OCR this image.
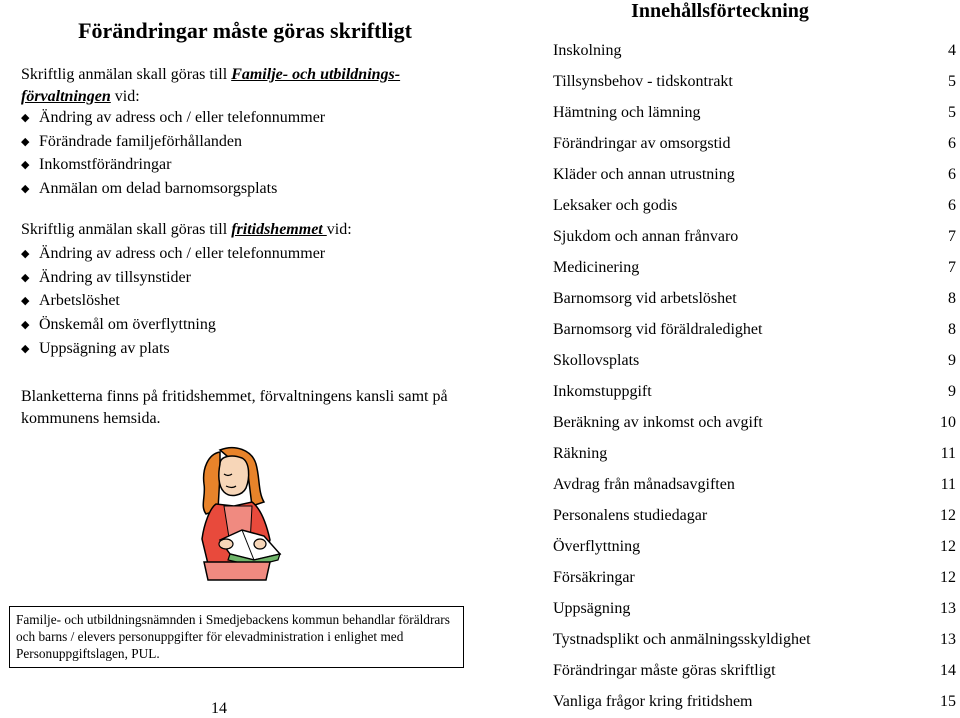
Förändringar måste göras skriftligt

Skriftlig anmälan skall göras till Familje- och utbildnings- förvaltningen vid:

◆ Ändring av adress och / eller telefonnummer
◆ Förändrade familjeförhållanden
◆ Inkomstförändringar
◆ Anmälan om delad barnomsorgsplats

Skriftlig anmälan skall göras till fritidshemmet vid:

◆ Ändring av adress och / eller telefonnummer
◆ Ändring av tillsynstider
◆ Arbetslöshet
◆ Önskemål om överflyttning
◆ Uppsägning av plats

Blanketterna finns på fritidshemmet, förvaltningens kansli samt på kommunens hemsida.

Familje- och utbildningsnämnden i Smedjebackens kommun behandlar föräldrars och barns / elevers personuppgifter för elevadministration i enlighet med Personuppgiftslagen, PUL.
14
Innehållsförteckning
Inskolning	4
Tillsynsbehov - tidskontrakt	5
Hämtning och lämning	5
Förändringar av omsorgstid	6
Kläder och annan utrustning	6
Leksaker och godis	6
Sjukdom och annan frånvaro	7
Medicinering	7
Barnomsorg vid arbetslöshet	8
Barnomsorg vid föräldraledighet	8
Skollovsplats	9
Inkomstuppgift	9
Beräkning av inkomst och avgift	10
Räkning	11
Avdrag från månadsavgiften	11
Personalens studiedagar	12
Överflyttning	12
Försäkringar	12
Uppsägning	13
Tystnadsplikt och anmälningsskyldighet	13
Förändringar måste göras skriftligt	14
Vanliga frågor kring fritidshem	15
